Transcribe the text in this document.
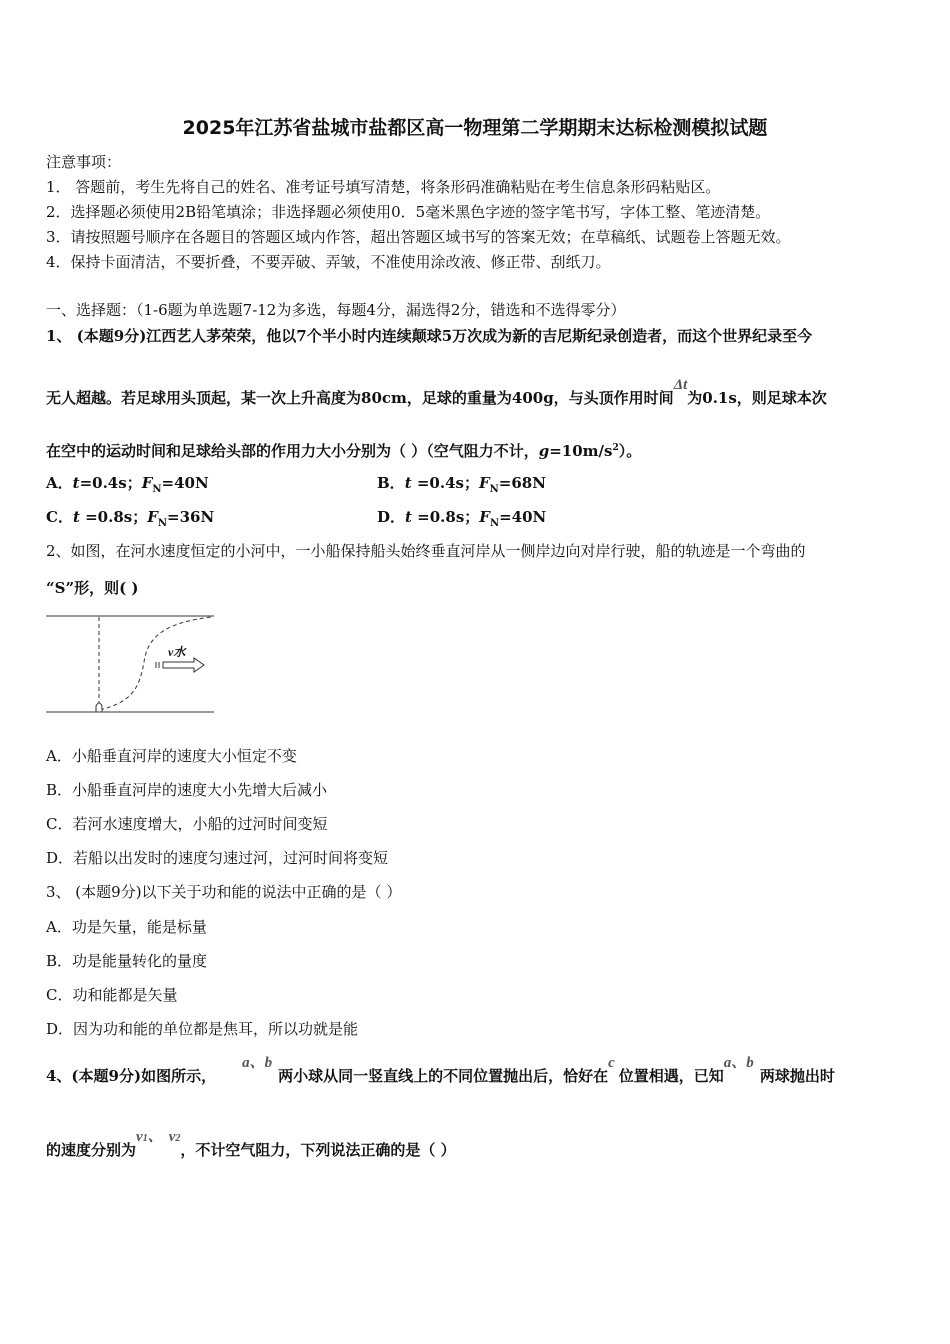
2025年江苏省盐城市盐都区高一物理第二学期期末达标检测模拟试题
注意事项：
1． 答题前，考生先将自己的姓名、准考证号填写清楚，将条形码准确粘贴在考生信息条形码粘贴区。
2．选择题必须使用2B铅笔填涂；非选择题必须使用0．5毫米黑色字迹的签字笔书写，字体工整、笔迹清楚。
3．请按照题号顺序在各题目的答题区域内作答，超出答题区域书写的答案无效；在草稿纸、试题卷上答题无效。
4．保持卡面清洁，不要折叠，不要弄破、弄皱，不准使用涂改液、修正带、刮纸刀。
一、选择题：（1-6题为单选题7-12为多选，每题4分，漏选得2分，错选和不选得零分）
1、 (本题9分)江西艺人茅荣荣，他以7个半小时内连续颠球5万次成为新的吉尼斯纪录创造者，而这个世界纪录至今
无人超越。若足球用头顶起，某一次上升高度为80cm，足球的重量为400g，与头顶作用时间Δt为0.1s，则足球本次
在空中的运动时间和足球给头部的作用力大小分别为（ ）（空气阻力不计，$g=10m/s^2$）。
A．t=0.4s；$F_N=40N$	B．t =0.4s；$F_N=68N$
C．t =0.8s；$F_N=36N$	D．t =0.8s；$F_N=40N$
2、如图，在河水速度恒定的小河中，一小船保持船头始终垂直河岸从一侧岸边向对岸行驶，船的轨迹是一个弯曲的
“S”形，则( )
v水
A．小船垂直河岸的速度大小恒定不变
B．小船垂直河岸的速度大小先增大后减小
C．若河水速度增大，小船的过河时间变短
D．若船以出发时的速度匀速过河，过河时间将变短
3、 (本题9分)以下关于功和能的说法中正确的是（ ）
A．功是矢量，能是标量
B．功是能量转化的量度
C．功和能都是矢量
D．因为功和能的单位都是焦耳，所以功就是能
4、(本题9分)如图所示，a、b两小球从同一竖直线上的不同位置抛出后，恰好在c位置相遇，已知a、b两球抛出时
的速度分别为v1、 v2，不计空气阻力，下列说法正确的是（ ）
